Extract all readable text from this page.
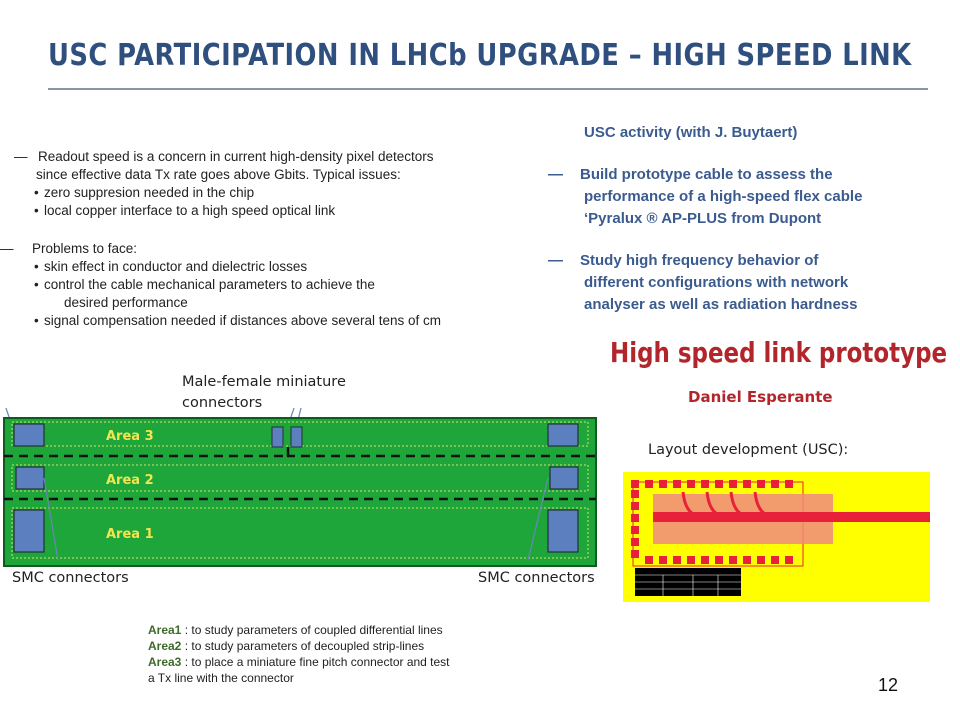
USC PARTICIPATION IN LHCb UPGRADE – HIGH SPEED LINK
— Readout speed is a concern in current high-density pixel detectors
since effective data Tx rate goes above Gbits. Typical issues:
• zero suppresion needed in the chip
• local copper interface to a high speed optical link
— Problems to face:
• skin effect in conductor and dielectric losses
• control the cable mechanical parameters to achieve the
desired performance
• signal compensation needed if distances above several tens of cm
USC activity (with J. Buytaert)
—	Build prototype cable to assess the
performance of a high-speed flex cable
‘Pyralux ® AP-PLUS from Dupont
—	Study high frequency behavior of
different configurations with network
analyser as well as radiation hardness
High speed link prototype
Daniel Esperante
Layout development (USC):
Male-female miniature
connectors
Area 3
Area 2
Area 1
SMC connectors	SMC connectors
Area1 : to study parameters of coupled differential lines
Area2 : to study parameters of decoupled strip-lines
Area3 : to place a miniature fine pitch connector and test
a Tx line with the connector	12
